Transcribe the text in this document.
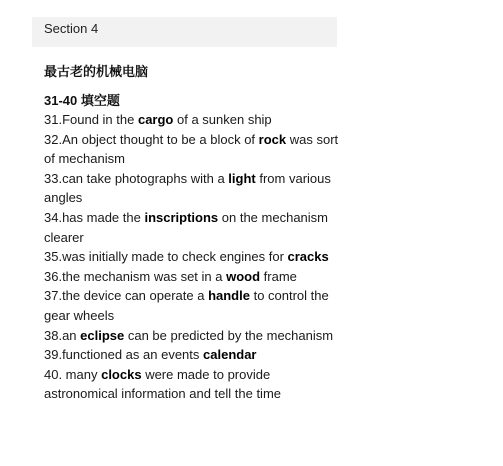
Section 4

最古老的机械电脑

31-40 填空题

31.Found in the cargo of a sunken ship

32.An object thought to be a block of rock was sort of mechanism

33.can take photographs with a light from various angles

34.has made the inscriptions on the mechanism clearer

35.was initially made to check engines for cracks

36.the mechanism was set in a wood frame

37.the device can operate a handle to control the gear wheels

38.an eclipse can be predicted by the mechanism

39.functioned as an events calendar

40. many clocks were made to provide astronomical information and tell the time
